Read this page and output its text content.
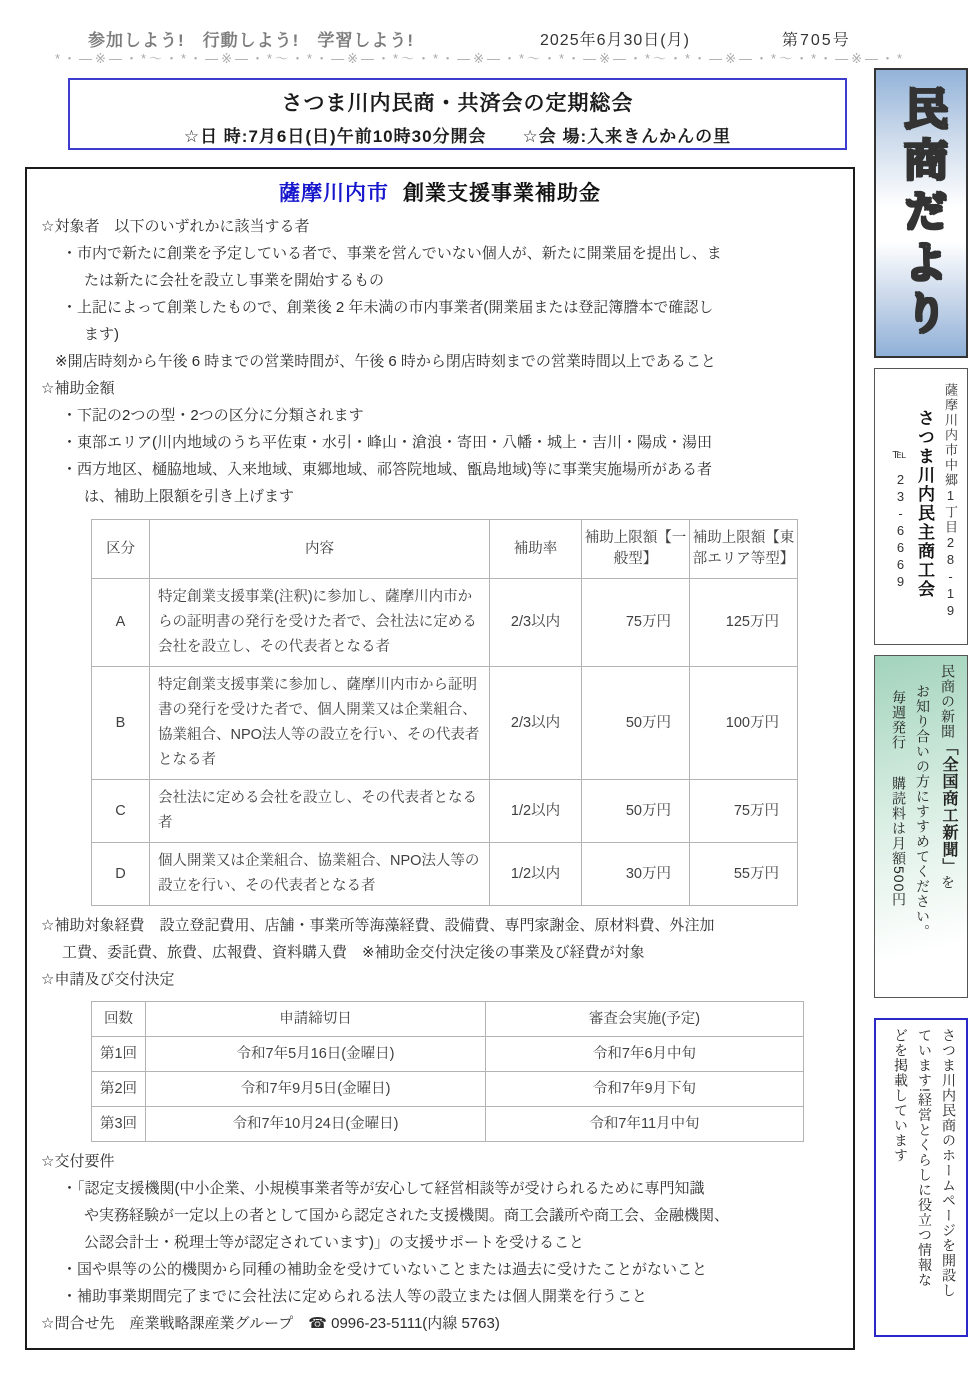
参加しよう!　行動しよう!　学習しよう!	2025年6月30日(月)	第705号
*・—※—・*〜・*・—※—・*〜・*・—※—・*〜・*・—※—・*〜・*・—※—・*〜・*・—※—・*〜・*・—※—・*
さつま川内民商・共済会の定期総会
☆日 時:7月6日(日)午前10時30分開会　　☆会 場:入来きんかんの里
薩摩川内市 創業支援事業補助金
☆対象者　以下のいずれかに該当する者
・市内で新たに創業を予定している者で、事業を営んでいない個人が、新たに開業届を提出し、ま
たは新たに会社を設立し事業を開始するもの
・上記によって創業したもので、創業後 2 年未満の市内事業者(開業届または登記簿謄本で確認し
ます)
※開店時刻から午後 6 時までの営業時間が、午後 6 時から閉店時刻までの営業時間以上であること
☆補助金額
・下記の2つの型・2つの区分に分類されます
・東部エリア(川内地域のうち平佐東・水引・峰山・滄浪・寄田・八幡・城上・吉川・陽成・湯田
・西方地区、樋脇地域、入来地域、東郷地域、祁答院地域、甑島地域)等に事業実施場所がある者
は、補助上限額を引き上げます
区分	内容	補助率	補助上限額【一般型】	補助上限額【東部エリア等型】
A	特定創業支援事業(注釈)に参加し、薩摩川内市からの証明書の発行を受けた者で、会社法に定める会社を設立し、その代表者となる者	2/3以内	75万円	125万円
B	特定創業支援事業に参加し、薩摩川内市から証明書の発行を受けた者で、個人開業又は企業組合、協業組合、NPO法人等の設立を行い、その代表者となる者	2/3以内	50万円	100万円
C	会社法に定める会社を設立し、その代表者となる者	1/2以内	50万円	75万円
D	個人開業又は企業組合、協業組合、NPO法人等の設立を行い、その代表者となる者	1/2以内	30万円	55万円
☆補助対象経費　設立登記費用、店舗・事業所等海藻経費、設備費、専門家謝金、原材料費、外注加
工費、委託費、旅費、広報費、資料購入費　※補助金交付決定後の事業及び経費が対象
☆申請及び交付決定
回数	申請締切日	審査会実施(予定)
第1回	令和7年5月16日(金曜日)	令和7年6月中旬
第2回	令和7年9月5日(金曜日)	令和7年9月下旬
第3回	令和7年10月24日(金曜日)	令和7年11月中旬
☆交付要件
・「認定支援機関(中小企業、小規模事業者等が安心して経営相談等が受けられるために専門知識
や実務経験が一定以上の者として国から認定された支援機関。商工会議所や商工会、金融機関、
公認会計士・税理士等が認定されています)」の支援サポートを受けること
・国や県等の公的機関から同種の補助金を受けていないことまたは過去に受けたことがないこと
・補助事業期間完了までに会社法に定められる法人等の設立または個人開業を行うこと
☆問合せ先　産業戦略課産業グループ　☎ 0996-23-5111(内線 5763)
民商だより

薩摩川内市中郷1丁目28-19

さつま川内民主商工会

℡23-6669

民商の新聞「全国商工新聞」を

お知り合いの方にすすめてください。

毎週発行購読料は月額500円

さつま川内民商のホームページを開設し

ています!経営とくらしに役立つ情報な

どを掲載しています
